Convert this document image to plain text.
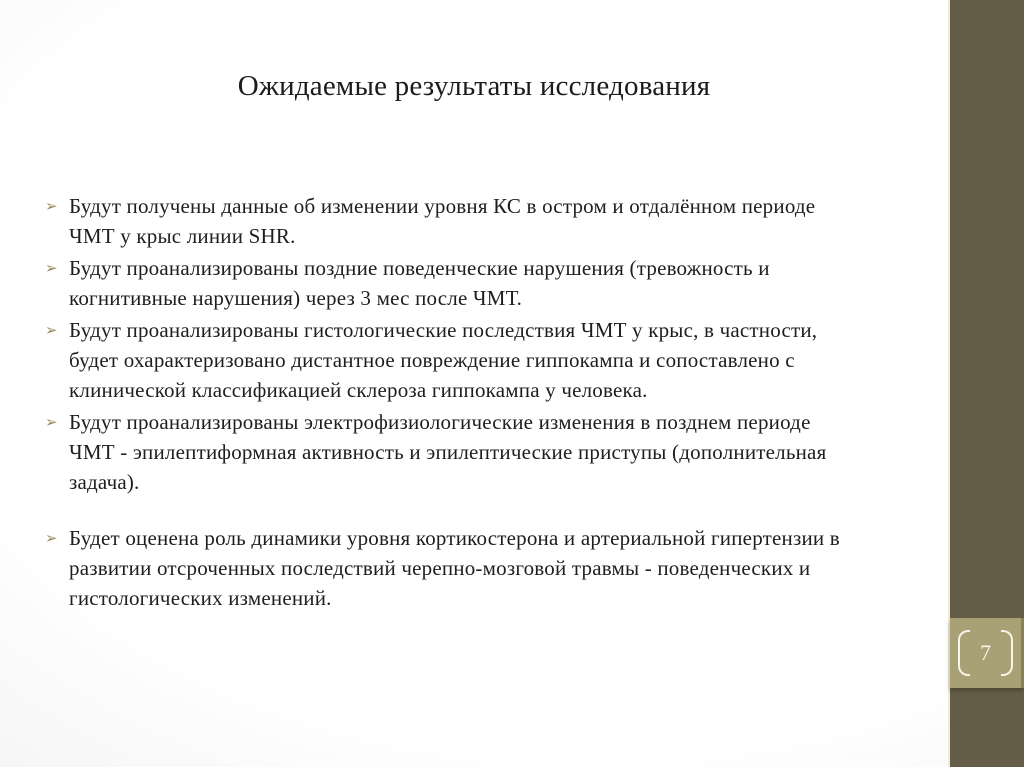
Ожидаемые результаты исследования
➢ Будут получены данные об изменении уровня КС в остром и отдалённом периоде
ЧМТ у крыс линии SHR.
➢ Будут проанализированы поздние поведенческие нарушения (тревожность и
когнитивные нарушения) через 3 мес после ЧМТ.
➢ Будут проанализированы гистологические последствия ЧМТ у крыс, в частности,
будет охарактеризовано дистантное повреждение гиппокампа и сопоставлено с
клинической классификацией склероза гиппокампа у человека.
➢ Будут проанализированы электрофизиологические изменения в позднем периоде
ЧМТ - эпилептиформная активность и эпилептические приступы (дополнительная
задача).
➢ Будет оценена роль динамики уровня кортикостерона и артериальной гипертензии в
развитии отсроченных последствий черепно-мозговой травмы - поведенческих и
гистологических изменений.
7
